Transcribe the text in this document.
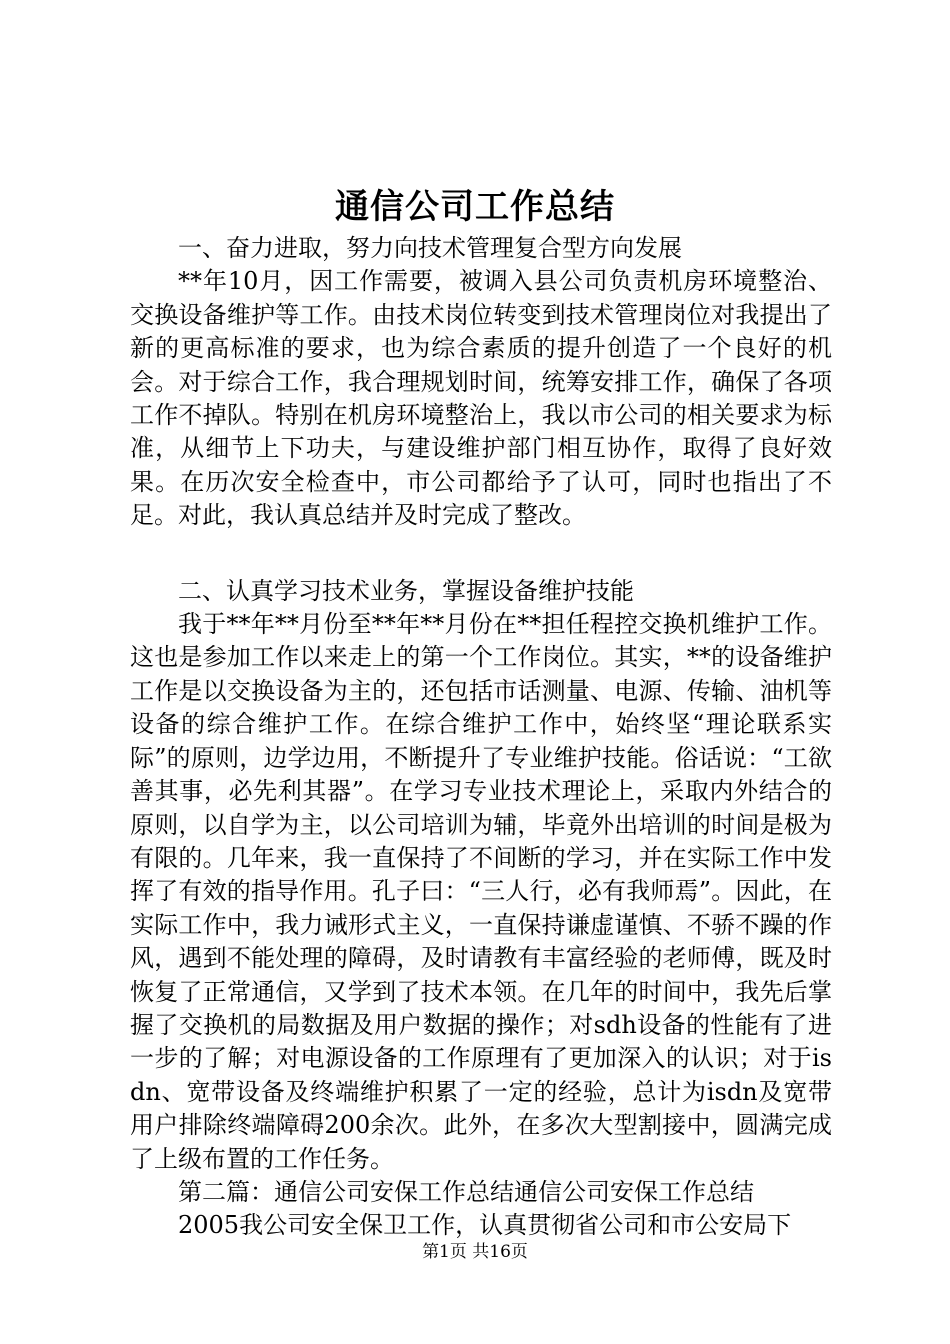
通信公司工作总结

一、奋力进取，努力向技术管理复合型方向发展

**年10月，因工作需要，被调入县公司负责机房环境整治、交换设备维护等工作。由技术岗位转变到技术管理岗位对我提出了新的更高标准的要求，也为综合素质的提升创造了一个良好的机会。对于综合工作，我合理规划时间，统筹安排工作，确保了各项工作不掉队。特别在机房环境整治上，我以市公司的相关要求为标准，从细节上下功夫，与建设维护部门相互协作，取得了良好效果。在历次安全检查中，市公司都给予了认可，同时也指出了不足。对此，我认真总结并及时完成了整改。

二、认真学习技术业务，掌握设备维护技能

我于**年**月份至**年**月份在**担任程控交换机维护工作。这也是参加工作以来走上的第一个工作岗位。其实，**的设备维护工作是以交换设备为主的，还包括市话测量、电源、传输、油机等设备的综合维护工作。在综合维护工作中，始终坚“理论联系实际”的原则，边学边用，不断提升了专业维护技能。俗话说：“工欲善其事，必先利其器”。在学习专业技术理论上，采取内外结合的原则，以自学为主，以公司培训为辅，毕竟外出培训的时间是极为有限的。几年来，我一直保持了不间断的学习，并在实际工作中发挥了有效的指导作用。孔子曰：“三人行，必有我师焉”。因此，在实际工作中，我力诫形式主义，一直保持谦虚谨慎、不骄不躁的作风，遇到不能处理的障碍，及时请教有丰富经验的老师傅，既及时恢复了正常通信，又学到了技术本领。在几年的时间中，我先后掌握了交换机的局数据及用户数据的操作；对sdh设备的性能有了进一步的了解；对电源设备的工作原理有了更加深入的认识；对于isdn、宽带设备及终端维护积累了一定的经验，总计为isdn及宽带用户排除终端障碍200余次。此外，在多次大型割接中，圆满完成了上级布置的工作任务。

第二篇：通信公司安保工作总结通信公司安保工作总结

2005我公司安全保卫工作，认真贯彻省公司和市公安局下

第1页 共16页
